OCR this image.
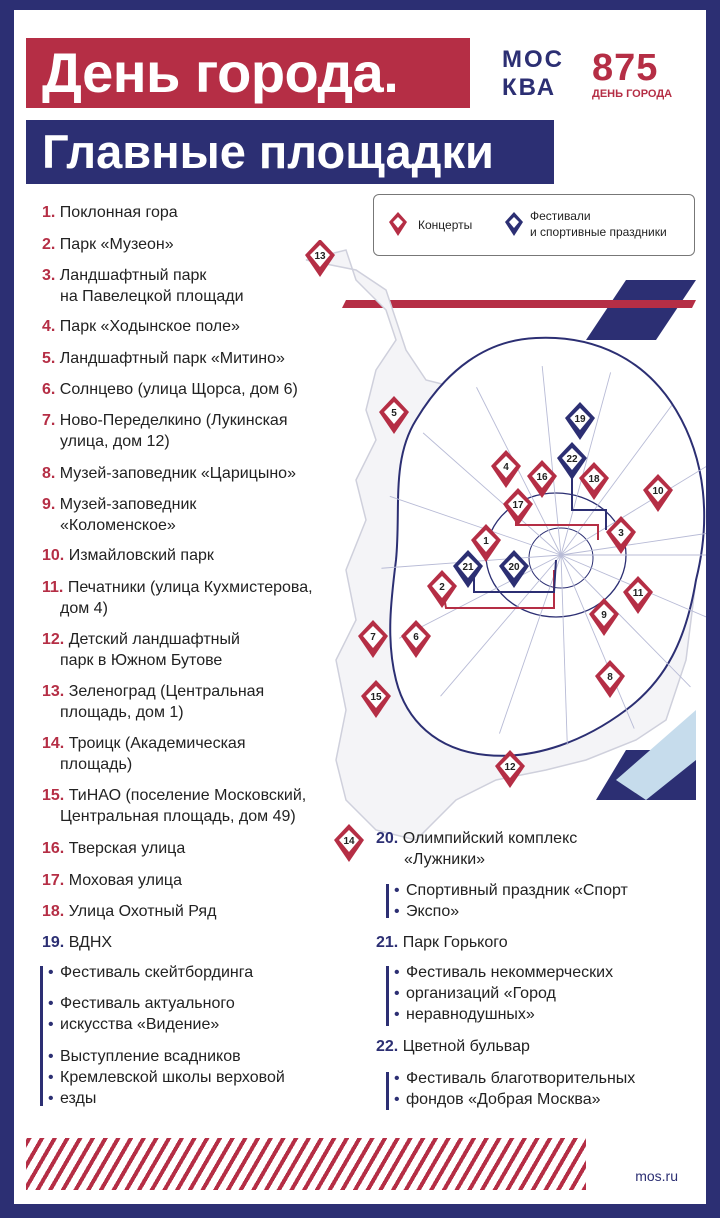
День города.
Главные площадки
МОС
КВА 875
ДЕНЬ ГОРОДА
Концерты
Фестивали
и спортивные праздники
13
5
19
22
4
16	18
10
17
3
1
21	20
2
11
9
7	6
8
15
12
14
1. Поклонная гора
2. Парк «Музеон»
3. Ландшафтный парк
на Павелецкой площади
4. Парк «Ходынское поле»
5. Ландшафтный парк «Митино»
6. Солнцево (улица Щорса, дом 6)
7. Ново-Переделкино (Лукинская
улица, дом 12)
8. Музей-заповедник «Царицыно»
9. Музей-заповедник
«Коломенское»
10. Измайловский парк
11. Печатники (улица Кухмистерова,
дом 4)
12. Детский ландшафтный
парк в Южном Бутове
13. Зеленоград (Центральная
площадь, дом 1)
14. Троицк (Академическая
площадь)
15. ТиНАО (поселение Московский,
Центральная площадь, дом 49)
16. Тверская улица
17. Моховая улица
18. Улица Охотный Ряд
19. ВДНХ
• Фестиваль скейтбординга
• Фестиваль актуального
• искусства «Видение»
• Выступление всадников
• Кремлевской школы верховой
• езды
20. Олимпийский комплекс
«Лужники»
• Спортивный праздник «Спорт
• Экспо»
21. Парк Горького
• Фестиваль некоммерческих
• организаций «Город
• неравнодушных»
22. Цветной бульвар
• Фестиваль благотворительных
• фондов «Добрая Москва»
mos.ru
